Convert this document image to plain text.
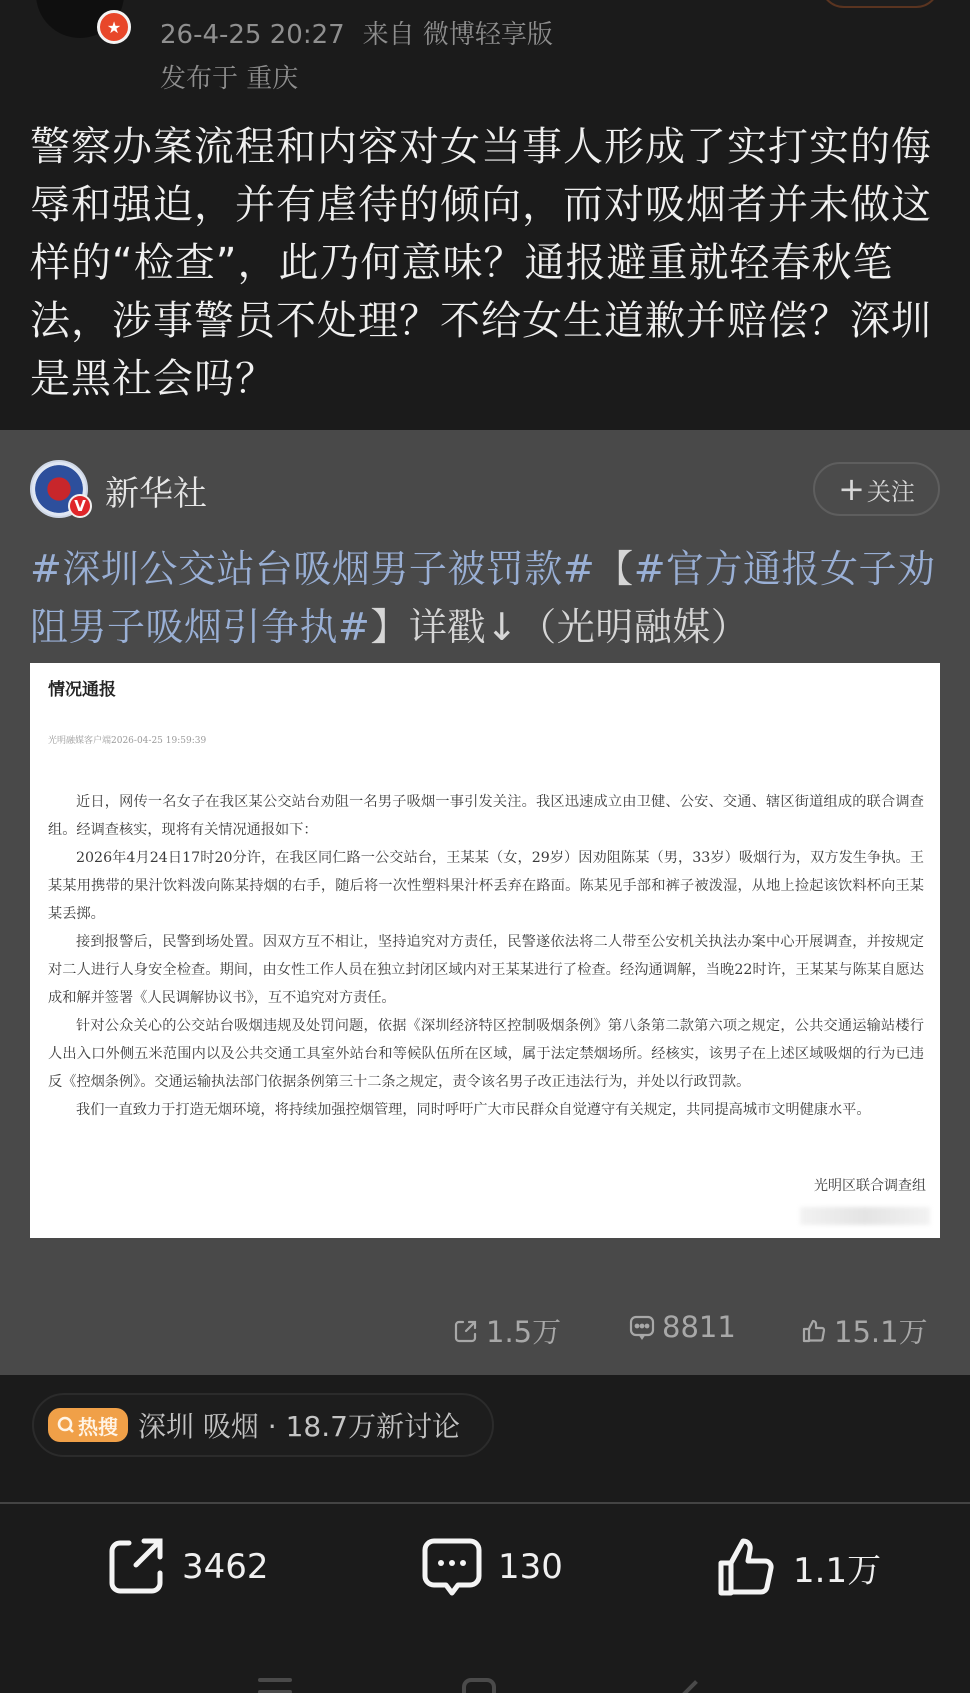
★	26-4-25 20:27 来自 微博轻享版
发布于 重庆
警察办案流程和内容对女当事人形成了实打实的侮辱和强迫，并有虐待的倾向，而对吸烟者并未做这样的“检查”，此乃何意味？通报避重就轻春秋笔法，涉事警员不处理？不给女生道歉并赔偿？深圳是黑社会吗？
V 新华社	+ 关注
#深圳公交站台吸烟男子被罚款#【#官方通报女子劝阻男子吸烟引争执#】详戳↓（光明融媒）
情况通报
光明融媒客户端2026-04-25 19:59:39

近日，网传一名女子在我区某公交站台劝阻一名男子吸烟一事引发关注。我区迅速成立由卫健、公安、交通、辖区街道组成的联合调查组。经调查核实，现将有关情况通报如下：

2026年4月24日17时20分许，在我区同仁路一公交站台，王某某（女，29岁）因劝阻陈某（男，33岁）吸烟行为，双方发生争执。王某某用携带的果汁饮料泼向陈某持烟的右手，随后将一次性塑料果汁杯丢弃在路面。陈某见手部和裤子被泼湿，从地上捡起该饮料杯向王某某丢掷。

接到报警后，民警到场处置。因双方互不相让，坚持追究对方责任，民警遂依法将二人带至公安机关执法办案中心开展调查，并按规定对二人进行人身安全检查。期间，由女性工作人员在独立封闭区域内对王某某进行了检查。经沟通调解，当晚22时许，王某某与陈某自愿达成和解并签署《人民调解协议书》，互不追究对方责任。

针对公众关心的公交站台吸烟违规及处罚问题，依据《深圳经济特区控制吸烟条例》第八条第二款第六项之规定，公共交通运输站楼行人出入口外侧五米范围内以及公共交通工具室外站台和等候队伍所在区域，属于法定禁烟场所。经核实，该男子在上述区域吸烟的行为已违反《控烟条例》。交通运输执法部门依据条例第三十二条之规定，责令该名男子改正违法行为，并处以行政罚款。

我们一直致力于打造无烟环境，将持续加强控烟管理，同时呼吁广大市民群众自觉遵守有关规定，共同提高城市文明健康水平。

光明区联合调查组
1.5万	8811	15.1万
热搜 深圳 吸烟 · 18.7万新讨论
3462	130	1.1万
